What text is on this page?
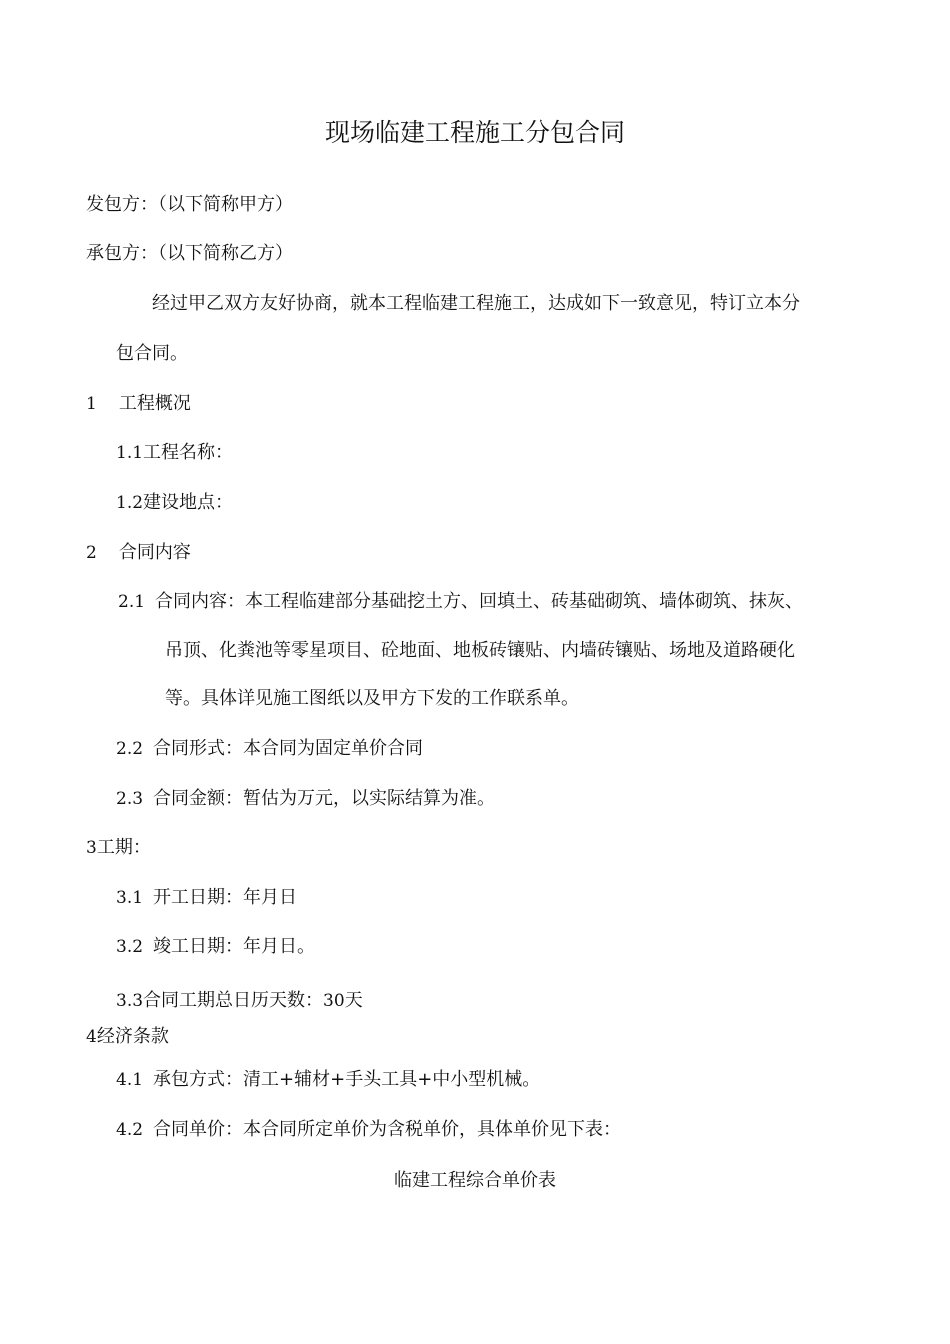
现场临建工程施工分包合同
发包方：（以下简称甲方）
承包方：（以下简称乙方）
经过甲乙双方友好协商，就本工程临建工程施工，达成如下一致意见，特订立本分
包合同。
1 工程概况
1.1工程名称：
1.2建设地点：
2 合同内容
2.1 合同内容：本工程临建部分基础挖土方、回填土、砖基础砌筑、墙体砌筑、抹灰、
吊顶、化粪池等零星项目、砼地面、地板砖镶贴、内墙砖镶贴、场地及道路硬化
等。具体详见施工图纸以及甲方下发的工作联系单。
2.2 合同形式：本合同为固定单价合同
2.3 合同金额：暂估为万元，以实际结算为准。
3工期：
3.1 开工日期：年月日
3.2 竣工日期：年月日。
3.3合同工期总日历天数：30天
4经济条款
4.1 承包方式：清工+辅材+手头工具+中小型机械。
4.2 合同单价：本合同所定单价为含税单价，具体单价见下表：
临建工程综合单价表
